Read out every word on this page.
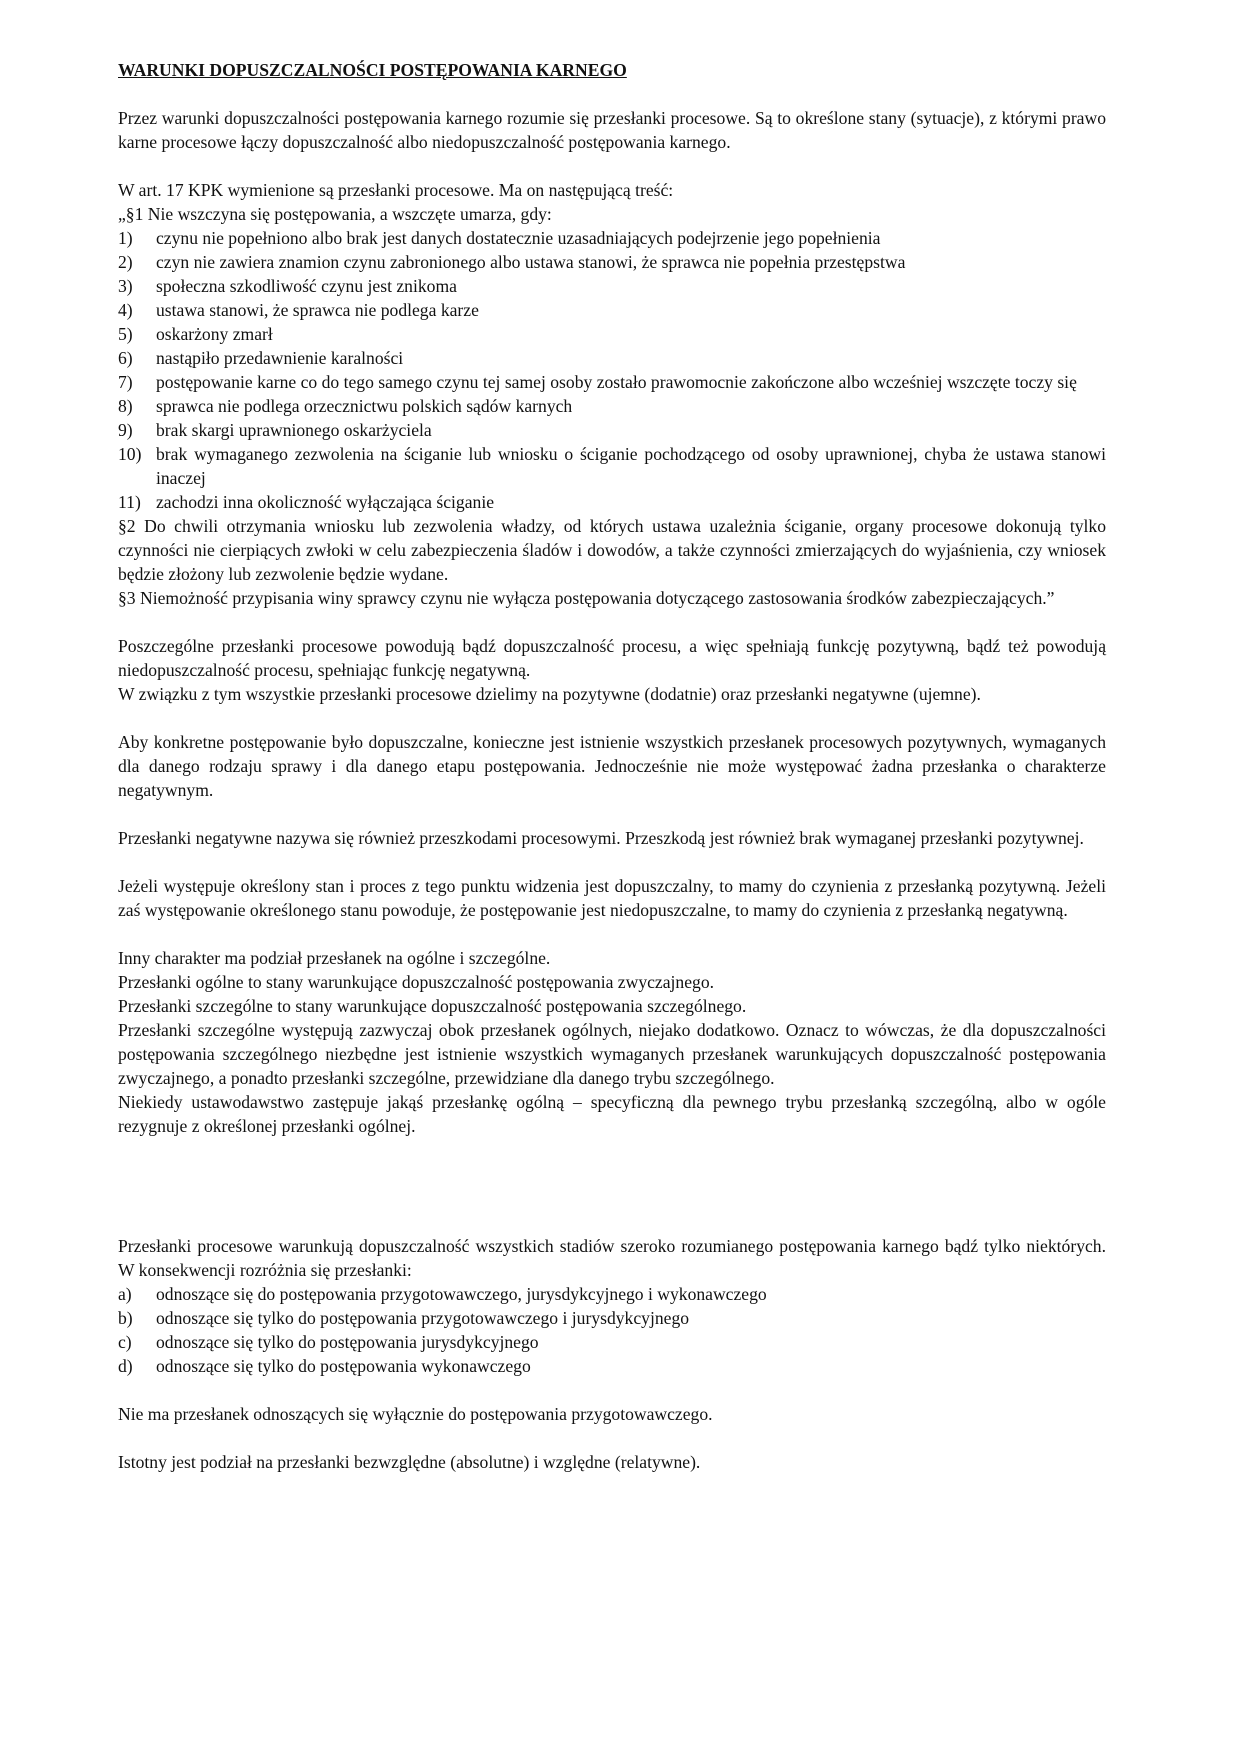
WARUNKI DOPUSZCZALNOŚCI POSTĘPOWANIA KARNEGO

Przez warunki dopuszczalności postępowania karnego rozumie się przesłanki procesowe. Są to określone stany (sytuacje), z którymi prawo karne procesowe łączy dopuszczalność albo niedopuszczalność postępowania karnego.

W art. 17 KPK wymienione są przesłanki procesowe. Ma on następującą treść:

„§1 Nie wszczyna się postępowania, a wszczęte umarza, gdy:

1) czynu nie popełniono albo brak jest danych dostatecznie uzasadniających podejrzenie jego popełnienia
2) czyn nie zawiera znamion czynu zabronionego albo ustawa stanowi, że sprawca nie popełnia przestępstwa
3) społeczna szkodliwość czynu jest znikoma
4) ustawa stanowi, że sprawca nie podlega karze
5) oskarżony zmarł
6) nastąpiło przedawnienie karalności
7) postępowanie karne co do tego samego czynu tej samej osoby zostało prawomocnie zakończone albo wcześniej wszczęte toczy się
8) sprawca nie podlega orzecznictwu polskich sądów karnych
9) brak skargi uprawnionego oskarżyciela
10) brak wymaganego zezwolenia na ściganie lub wniosku o ściganie pochodzącego od osoby uprawnionej, chyba że ustawa stanowi inaczej
11) zachodzi inna okoliczność wyłączająca ściganie

§2 Do chwili otrzymania wniosku lub zezwolenia władzy, od których ustawa uzależnia ściganie, organy procesowe dokonują tylko czynności nie cierpiących zwłoki w celu zabezpieczenia śladów i dowodów, a także czynności zmierzających do wyjaśnienia, czy wniosek będzie złożony lub zezwolenie będzie wydane.

§3 Niemożność przypisania winy sprawcy czynu nie wyłącza postępowania dotyczącego zastosowania środków zabezpieczających.”

Poszczególne przesłanki procesowe powodują bądź dopuszczalność procesu, a więc spełniają funkcję pozytywną, bądź też powodują niedopuszczalność procesu, spełniając funkcję negatywną.

W związku z tym wszystkie przesłanki procesowe dzielimy na pozytywne (dodatnie) oraz przesłanki negatywne (ujemne).

Aby konkretne postępowanie było dopuszczalne, konieczne jest istnienie wszystkich przesłanek procesowych pozytywnych, wymaganych dla danego rodzaju sprawy i dla danego etapu postępowania. Jednocześnie nie może występować żadna przesłanka o charakterze negatywnym.

Przesłanki negatywne nazywa się również przeszkodami procesowymi. Przeszkodą jest również brak wymaganej przesłanki pozytywnej.

Jeżeli występuje określony stan i proces z tego punktu widzenia jest dopuszczalny, to mamy do czynienia z przesłanką pozytywną. Jeżeli zaś występowanie określonego stanu powoduje, że postępowanie jest niedopuszczalne, to mamy do czynienia z przesłanką negatywną.

Inny charakter ma podział przesłanek na ogólne i szczególne.

Przesłanki ogólne to stany warunkujące dopuszczalność postępowania zwyczajnego.

Przesłanki szczególne to stany warunkujące dopuszczalność postępowania szczególnego.

Przesłanki szczególne występują zazwyczaj obok przesłanek ogólnych, niejako dodatkowo. Oznacz to wówczas, że dla dopuszczalności postępowania szczególnego niezbędne jest istnienie wszystkich wymaganych przesłanek warunkujących dopuszczalność postępowania zwyczajnego, a ponadto przesłanki szczególne, przewidziane dla danego trybu szczególnego.

Niekiedy ustawodawstwo zastępuje jakąś przesłankę ogólną – specyficzną dla pewnego trybu przesłanką szczególną, albo w ogóle rezygnuje z określonej przesłanki ogólnej.

Przesłanki procesowe warunkują dopuszczalność wszystkich stadiów szeroko rozumianego postępowania karnego bądź tylko niektórych. W konsekwencji rozróżnia się przesłanki:

a) odnoszące się do postępowania przygotowawczego, jurysdykcyjnego i wykonawczego
b) odnoszące się tylko do postępowania przygotowawczego i jurysdykcyjnego
c) odnoszące się tylko do postępowania jurysdykcyjnego
d) odnoszące się tylko do postępowania wykonawczego

Nie ma przesłanek odnoszących się wyłącznie do postępowania przygotowawczego.

Istotny jest podział na przesłanki bezwzględne (absolutne) i względne (relatywne).
